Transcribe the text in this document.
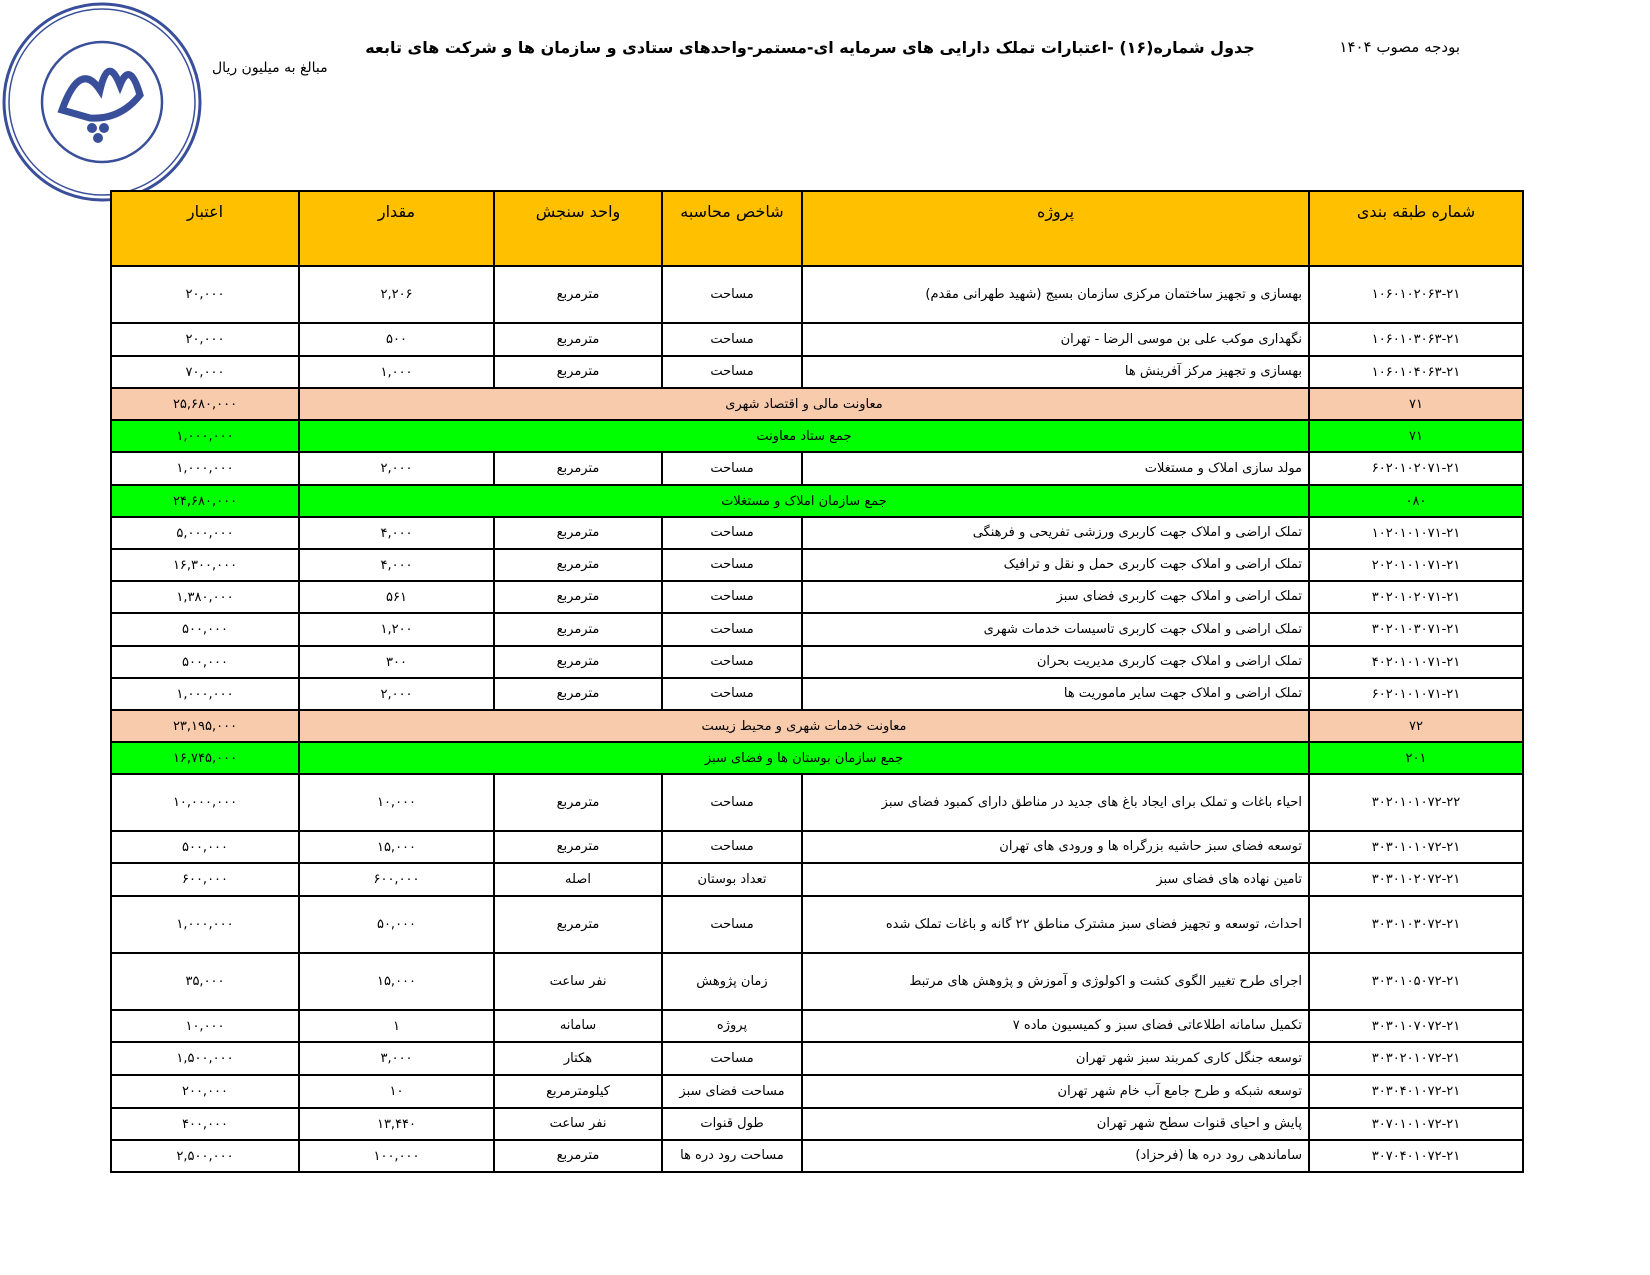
مبالغ به میلیون ریال
جدول شماره(۱۶) -اعتبارات تملک دارایی های سرمایه ای-مستمر-واحدهای ستادی و سازمان ها و شرکت های تابعه	بودجه مصوب ۱۴۰۴
شماره طبقه بندی	پروژه	شاخص محاسبه	واحد سنجش	مقدار	اعتبار
۱۰۶۰۱۰۲۰۶۳-۲۱	بهسازی و تجهیز ساختمان مرکزی سازمان بسیج (شهید طهرانی مقدم)	مساحت	مترمربع	۲,۲۰۶	۲۰,۰۰۰
۱۰۶۰۱۰۳۰۶۳-۲۱	نگهداری موکب علی بن موسی الرضا - تهران	مساحت	مترمربع	۵۰۰	۲۰,۰۰۰
۱۰۶۰۱۰۴۰۶۳-۲۱	بهسازی و تجهیز مرکز آفرینش ها	مساحت	مترمربع	۱,۰۰۰	۷۰,۰۰۰
۷۱	معاونت مالی و اقتصاد شهری				۲۵,۶۸۰,۰۰۰
۷۱	جمع ستاد معاونت				۱,۰۰۰,۰۰۰
۶۰۲۰۱۰۲۰۷۱-۲۱	مولد سازی املاک و مستغلات	مساحت	مترمربع	۲,۰۰۰	۱,۰۰۰,۰۰۰
۰۸۰	جمع سازمان املاک و مستغلات				۲۴,۶۸۰,۰۰۰
۱۰۲۰۱۰۱۰۷۱-۲۱	تملک اراضی و املاک جهت کاربری ورزشی تفریحی و فرهنگی	مساحت	مترمربع	۴,۰۰۰	۵,۰۰۰,۰۰۰
۲۰۲۰۱۰۱۰۷۱-۲۱	تملک اراضی و املاک جهت کاربری حمل و نقل و ترافیک	مساحت	مترمربع	۴,۰۰۰	۱۶,۳۰۰,۰۰۰
۳۰۲۰۱۰۲۰۷۱-۲۱	تملک اراضی و املاک جهت کاربری فضای سبز	مساحت	مترمربع	۵۶۱	۱,۳۸۰,۰۰۰
۳۰۲۰۱۰۳۰۷۱-۲۱	تملک اراضی و املاک جهت کاربری تاسیسات خدمات شهری	مساحت	مترمربع	۱,۲۰۰	۵۰۰,۰۰۰
۴۰۲۰۱۰۱۰۷۱-۲۱	تملک اراضی و املاک جهت کاربری مدیریت بحران	مساحت	مترمربع	۳۰۰	۵۰۰,۰۰۰
۶۰۲۰۱۰۱۰۷۱-۲۱	تملک اراضی و املاک جهت سایر ماموریت ها	مساحت	مترمربع	۲,۰۰۰	۱,۰۰۰,۰۰۰
۷۲	معاونت خدمات شهری و محیط زیست				۲۳,۱۹۵,۰۰۰
۲۰۱	جمع سازمان بوستان ها و فضای سبز				۱۶,۷۴۵,۰۰۰
۳۰۲۰۱۰۱۰۷۲-۲۲	احیاء باغات و تملک برای ایجاد باغ های جدید در مناطق دارای کمبود فضای سبز	مساحت	مترمربع	۱۰,۰۰۰	۱۰,۰۰۰,۰۰۰
۳۰۳۰۱۰۱۰۷۲-۲۱	توسعه فضای سبز حاشیه بزرگراه ها و ورودی های تهران	مساحت	مترمربع	۱۵,۰۰۰	۵۰۰,۰۰۰
۳۰۳۰۱۰۲۰۷۲-۲۱	تامین نهاده های فضای سبز	تعداد بوستان	اصله	۶۰۰,۰۰۰	۶۰۰,۰۰۰
۳۰۳۰۱۰۳۰۷۲-۲۱	احداث، توسعه و تجهیز فضای سبز مشترک مناطق ۲۲ گانه و باغات تملک شده	مساحت	مترمربع	۵۰,۰۰۰	۱,۰۰۰,۰۰۰
۳۰۳۰۱۰۵۰۷۲-۲۱	اجرای طرح تغییر الگوی کشت و اکولوژی و آموزش و پژوهش های مرتبط	زمان پژوهش	نفر ساعت	۱۵,۰۰۰	۳۵,۰۰۰
۳۰۳۰۱۰۷۰۷۲-۲۱	تکمیل سامانه اطلاعاتی فضای سبز و کمیسیون ماده ۷	پروژه	سامانه	۱	۱۰,۰۰۰
۳۰۳۰۲۰۱۰۷۲-۲۱	توسعه جنگل کاری کمربند سبز شهر تهران	مساحت	هکتار	۳,۰۰۰	۱,۵۰۰,۰۰۰
۳۰۳۰۴۰۱۰۷۲-۲۱	توسعه شبکه و طرح جامع آب خام شهر تهران	مساحت فضای سبز	کیلومترمربع	۱۰	۲۰۰,۰۰۰
۳۰۷۰۱۰۱۰۷۲-۲۱	پایش و احیای قنوات سطح شهر تهران	طول قنوات	نفر ساعت	۱۳,۴۴۰	۴۰۰,۰۰۰
۳۰۷۰۴۰۱۰۷۲-۲۱	ساماندهی رود دره ها (فرحزاد)	مساحت رود دره ها	مترمربع	۱۰۰,۰۰۰	۲,۵۰۰,۰۰۰
